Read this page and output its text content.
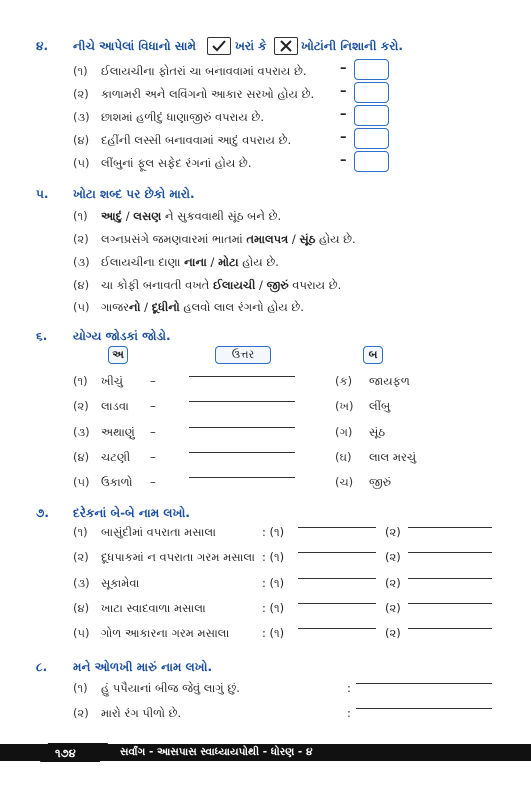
૪. નીચે આપેલાં વિધાનો સામે	ખરાં કે	ખોટાંની નિશાની કરો.
(૧) ઈલાયચીના ફોતરાં ચા બનાવવામાં વપરાય છે.	–
(૨) કાળામરી અને લવિંગનો આકાર સરખો હોય છે. –
(૩) છાશમાં હળીદું ધાણાજીરું વપરાય છે.	–
(૪) દહીંની લસ્સી બનાવવામાં આદું વપરાય છે.	–
(૫) લીંબુનાં ફૂલ સફેદ રંગનાં હોય છે.	–
૫. ખોટા શબ્દ પર છેકો મારો.
(૧) આદું / લસણ ને સુકવવાથી સૂંઠ બને છે.
(૨) લગ્નપ્રસંગે જમણવારમાં ભાતમાં તમાલપત્ર / સૂંઠ હોય છે.
(૩) ઈલાયચીના દાણા નાના / મોટા હોય છે.
(૪) ચા કોફી બનાવતી વખતે ઈલાયચી / જીરું વપરાય છે.
(૫) ગાજરનો / દૂધીનો હલવો લાલ રંગનો હોય છે.
૬. યોગ્ય જોડકાં જોડો.
અ	ઉત્તર	બ
(૧) ખીચું –	(ક) જાયફળ
(૨) લાડવા –	(ખ) લીંબુ
(૩) અથાણું –	(ગ) સૂંઠ
(૪) ચટણી –	(ઘ) લાલ મરચું
(૫) ઉકાળો –	(ચ) જીરું
૭. દરેકનાં બે-બે નામ લખો.
(૧) બાસુંદીમાં વપરાતા મસાલા	: (૧)	(૨)
(૨) દૂધપાકમાં ન વપરાતા ગરમ મસાલા : (૧)	(૨)
(૩) સૂકામેવા	: (૧)	(૨)
(૪) ખાટા સ્વાદવાળા મસાલા	: (૧)	(૨)
(૫) ગોળ આકારના ગરમ મસાલા	: (૧)	(૨)
૮. મને ઓળખી મારું નામ લખો.
(૧) હું પપૈયાનાં બીજ જેવું લાગું છું.	:
(૨) મારો રંગ પીળો છે.	:
૧૭૪	સર્વાંગ - આસપાસ સ્વાધ્યાયપોથી - ધોરણ - ૪
